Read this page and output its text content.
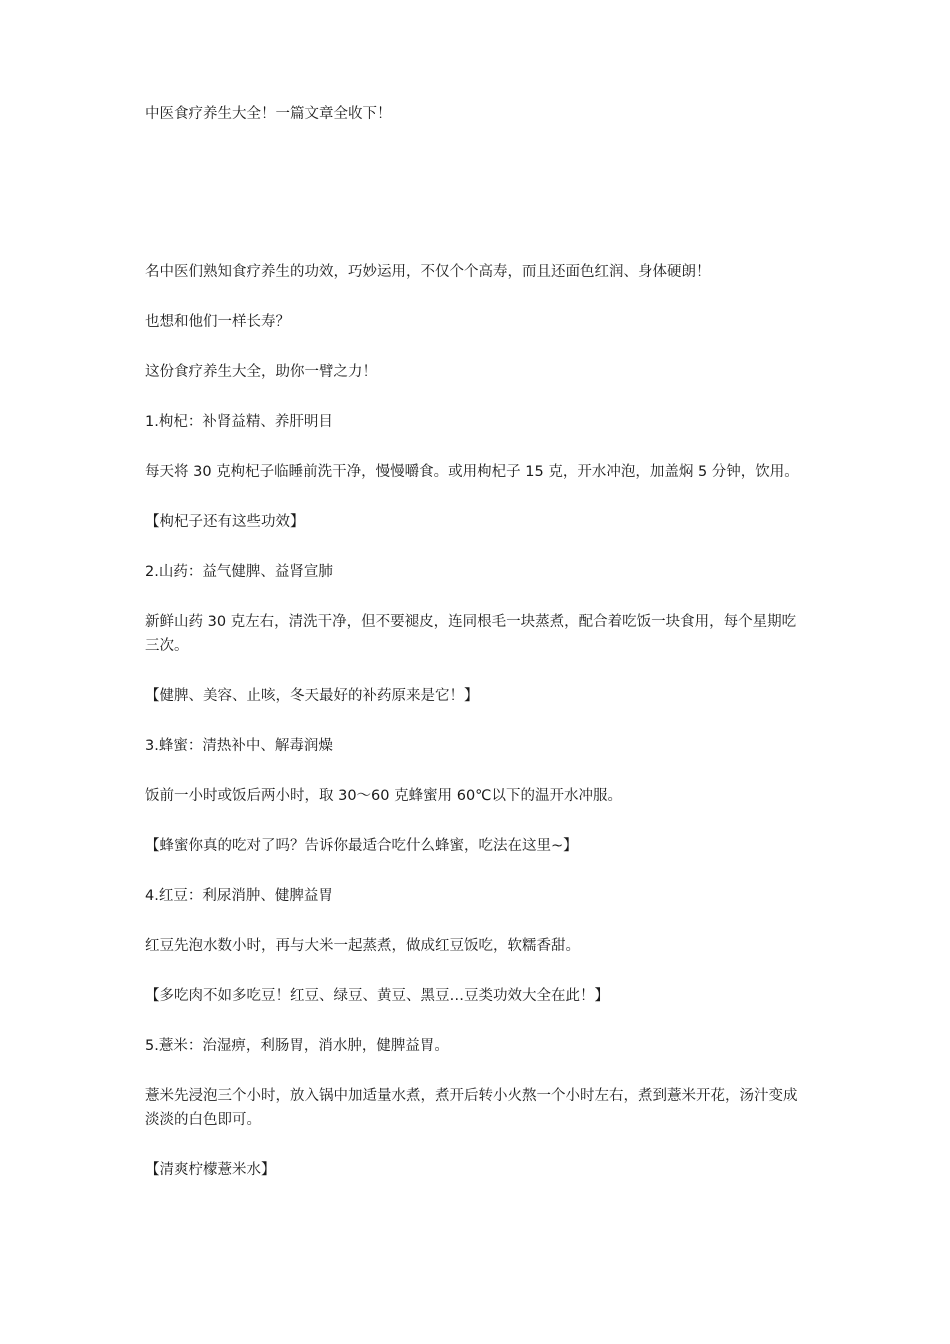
中医食疗养生大全！一篇文章全收下！
名中医们熟知食疗养生的功效，巧妙运用，不仅个个高寿，而且还面色红润、身体硬朗！
也想和他们一样长寿？
这份食疗养生大全，助你一臂之力！
1.枸杞：补肾益精、养肝明目
每天将 30 克枸杞子临睡前洗干净，慢慢嚼食。或用枸杞子 15 克，开水冲泡，加盖焖 5 分钟，饮用。
【枸杞子还有这些功效】
2.山药：益气健脾、益肾宣肺
新鲜山药 30 克左右，清洗干净，但不要褪皮，连同根毛一块蒸煮，配合着吃饭一块食用，每个星期吃三次。
【健脾、美容、止咳，冬天最好的补药原来是它！】
3.蜂蜜：清热补中、解毒润燥
饭前一小时或饭后两小时，取 30～60 克蜂蜜用 60℃以下的温开水冲服。
【蜂蜜你真的吃对了吗？告诉你最适合吃什么蜂蜜，吃法在这里~】
4.红豆：利尿消肿、健脾益胃
红豆先泡水数小时，再与大米一起蒸煮，做成红豆饭吃，软糯香甜。
【多吃肉不如多吃豆！红豆、绿豆、黄豆、黑豆…豆类功效大全在此！】
5.薏米：治湿痹，利肠胃，消水肿，健脾益胃。
薏米先浸泡三个小时，放入锅中加适量水煮，煮开后转小火熬一个小时左右，煮到薏米开花，汤汁变成淡淡的白色即可。
【清爽柠檬薏米水】
